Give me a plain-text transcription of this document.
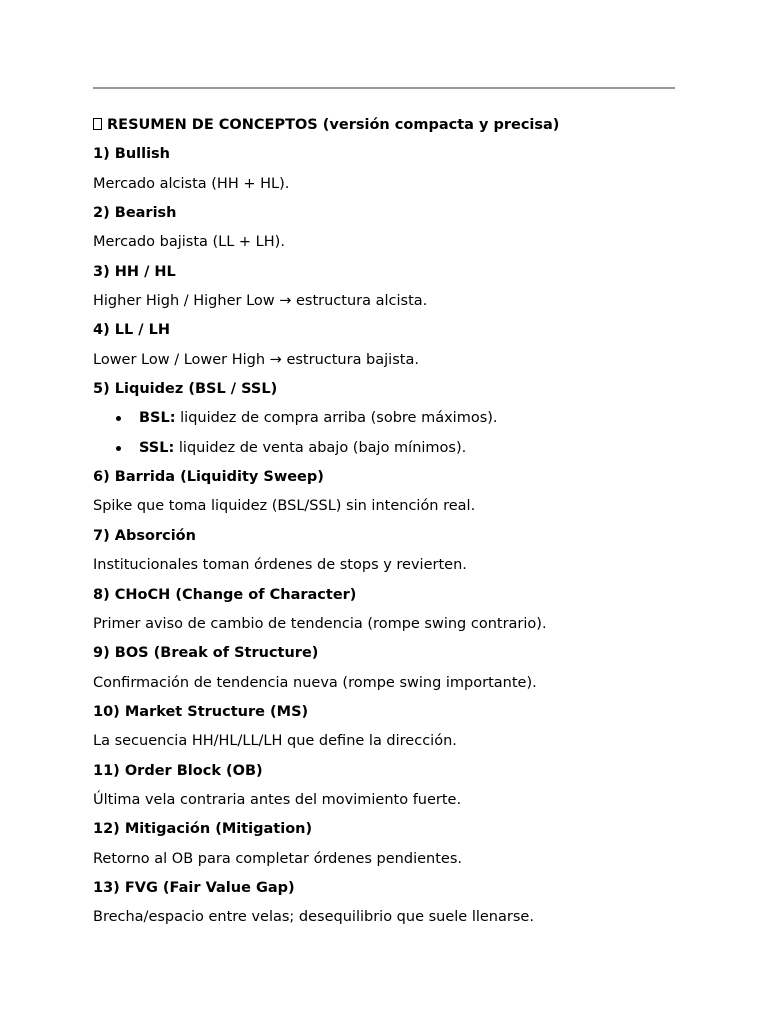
RESUMEN DE CONCEPTOS (versión compacta y precisa)
1) Bullish
Mercado alcista (HH + HL).
2) Bearish
Mercado bajista (LL + LH).
3) HH / HL
Higher High / Higher Low → estructura alcista.
4) LL / LH
Lower Low / Lower High → estructura bajista.
5) Liquidez (BSL / SSL)
BSL: liquidez de compra arriba (sobre máximos).
SSL: liquidez de venta abajo (bajo mínimos).
6) Barrida (Liquidity Sweep)
Spike que toma liquidez (BSL/SSL) sin intención real.
7) Absorción
Institucionales toman órdenes de stops y revierten.
8) CHoCH (Change of Character)
Primer aviso de cambio de tendencia (rompe swing contrario).
9) BOS (Break of Structure)
Confirmación de tendencia nueva (rompe swing importante).
10) Market Structure (MS)
La secuencia HH/HL/LL/LH que define la dirección.
11) Order Block (OB)
Última vela contraria antes del movimiento fuerte.
12) Mitigación (Mitigation)
Retorno al OB para completar órdenes pendientes.
13) FVG (Fair Value Gap)
Brecha/espacio entre velas; desequilibrio que suele llenarse.
